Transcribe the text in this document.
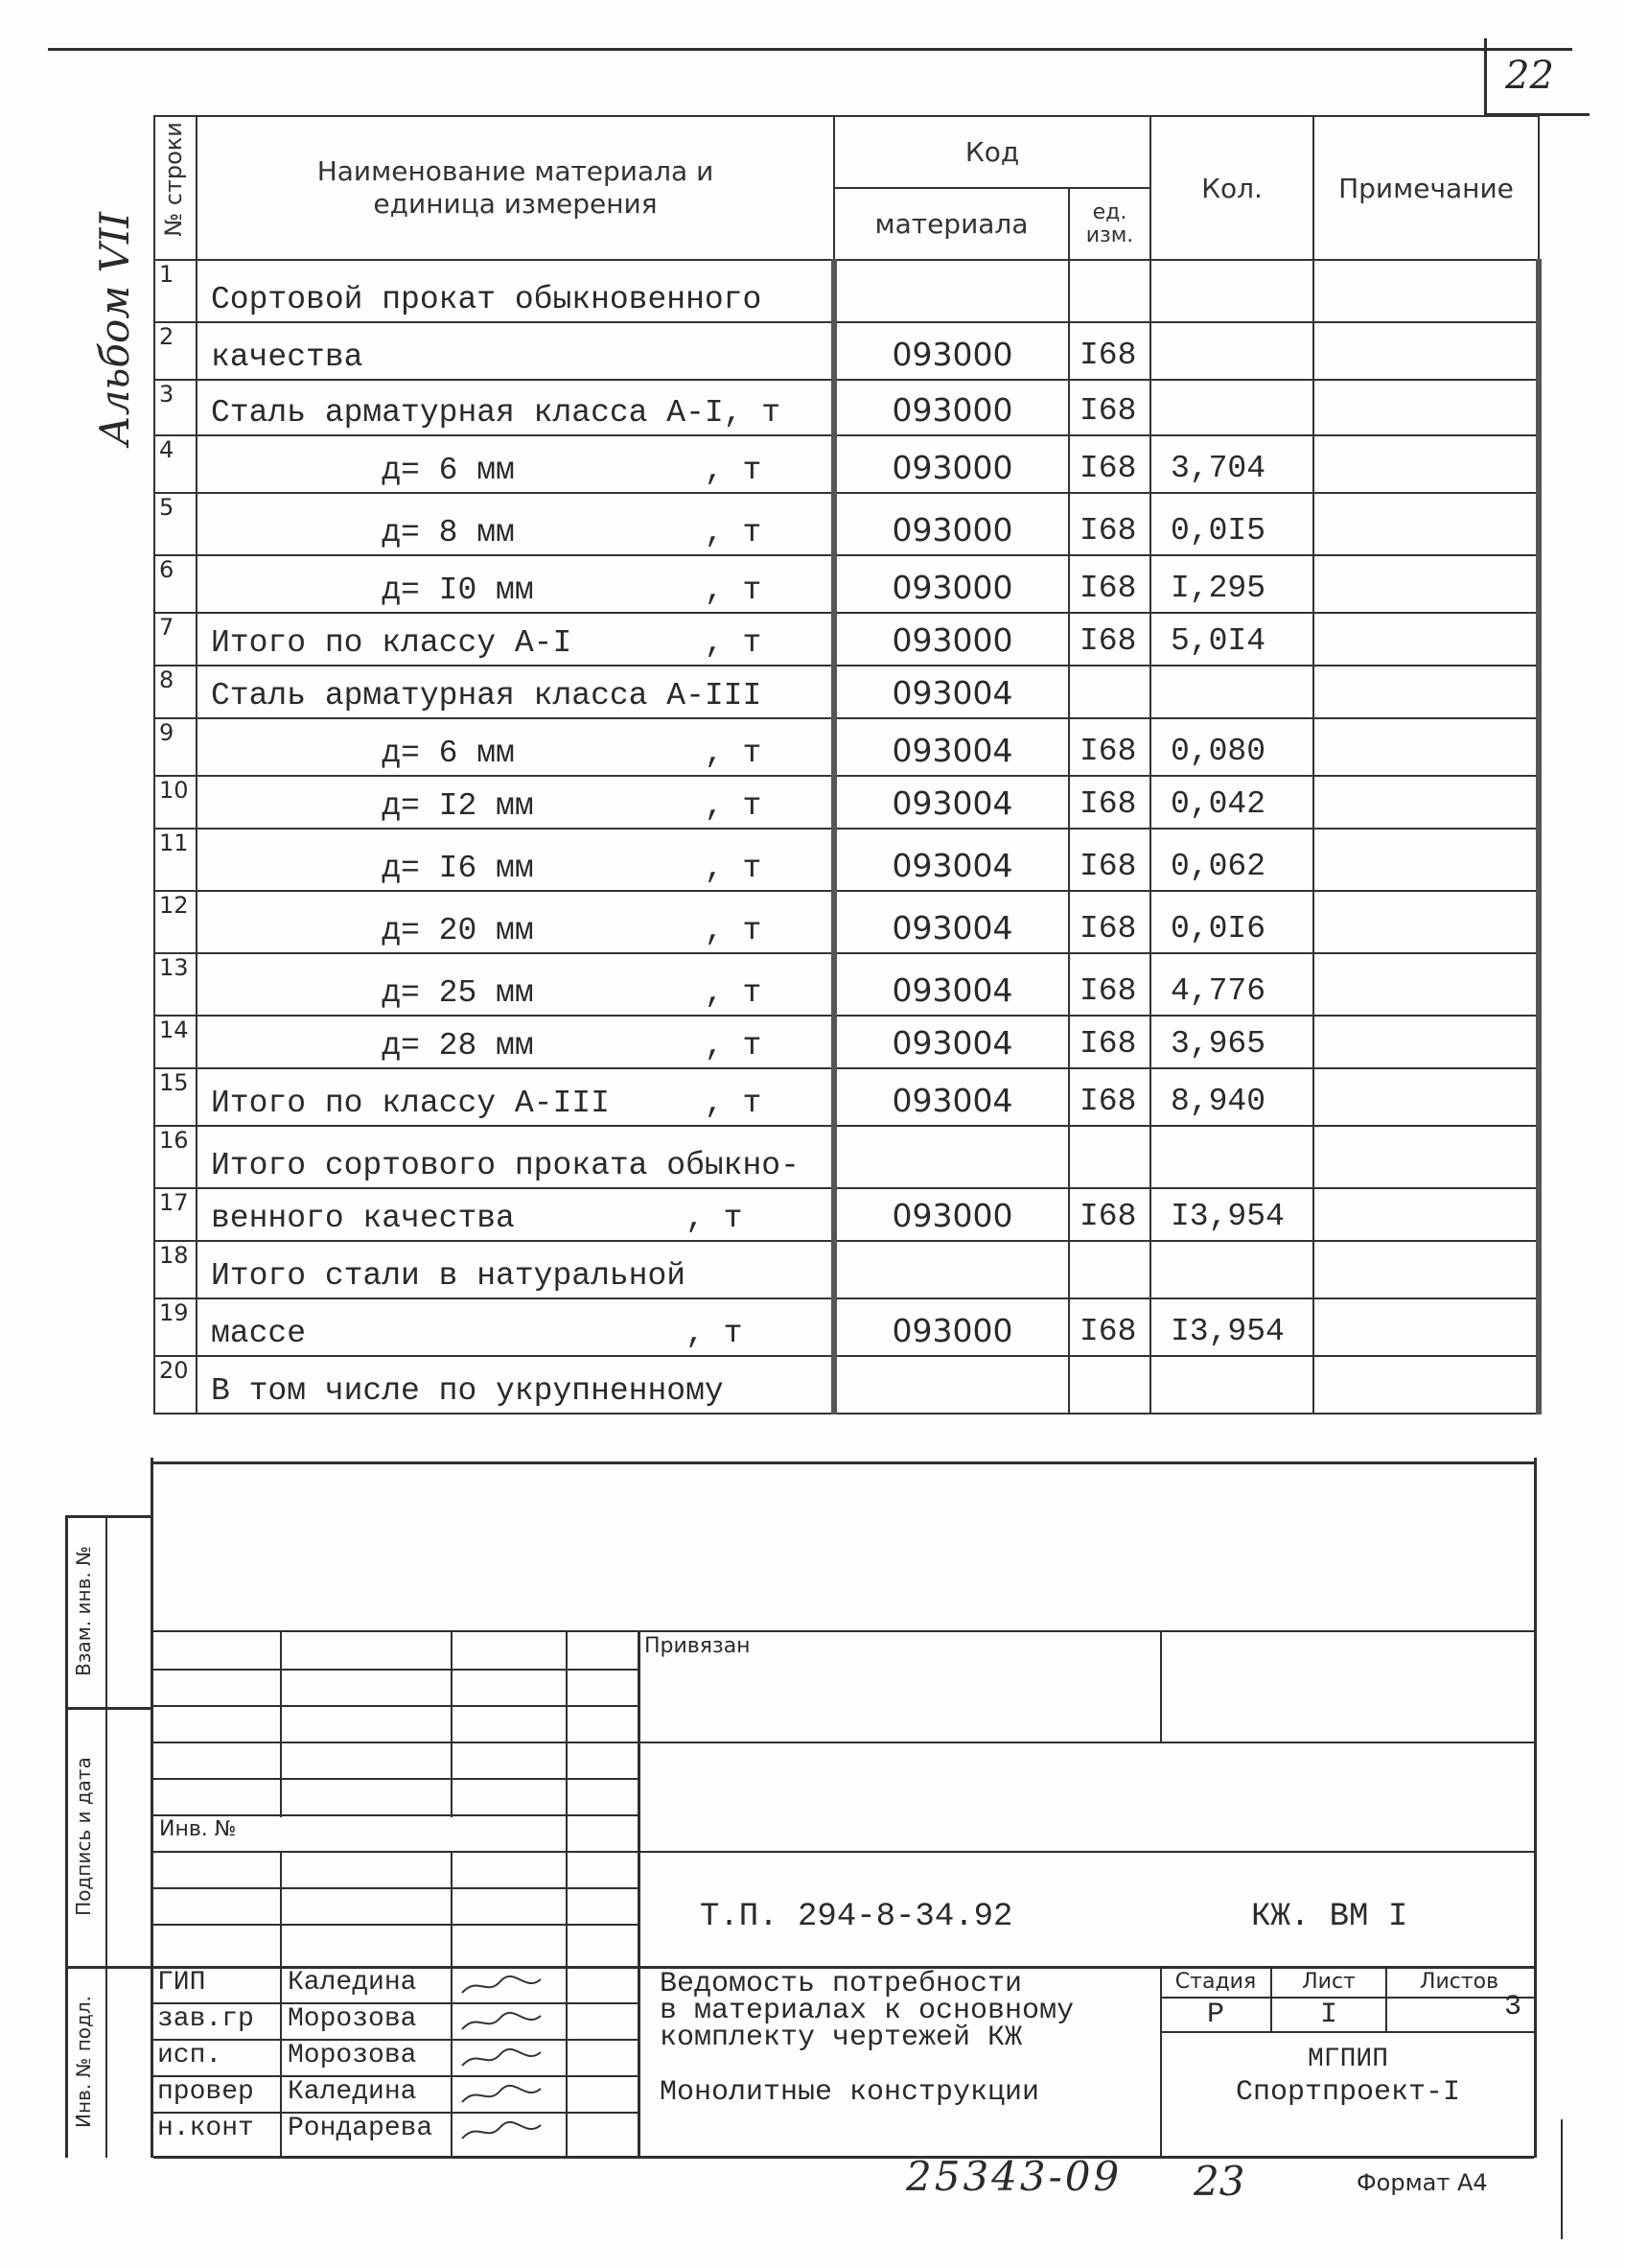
22
Альбом VII
№ строки	Наименование материала и единица измерения	Код		Кол.	Примечание
		материала	ед. изм.		
1	Сортовой прокат обыкновенного				
2	качества	093000	I68		
3	Сталь арматурная класса А-I, т	093000	I68		
4	д= 6 мм          , т	093000	I68	3,704	
5	д= 8 мм          , т	093000	I68	0,0I5	
6	д= I0 мм         , т	093000	I68	I,295	
7	Итого по классу А-I       , т	093000	I68	5,0I4	
8	Сталь арматурная класса А-III	093004			
9	д= 6 мм          , т	093004	I68	0,080	
10	д= I2 мм         , т	093004	I68	0,042	
11	д= I6 мм         , т	093004	I68	0,062	
12	д= 20 мм         , т	093004	I68	0,0I6	
13	д= 25 мм         , т	093004	I68	4,776	
14	д= 28 мм         , т	093004	I68	3,965	
15	Итого по классу А-III     , т	093004	I68	8,940	
16	Итого сортового проката обыкно-				
17	венного качества         , т	093000	I68	I3,954	
18	Итого стали в натуральной				
19	массе                    , т	093000	I68	I3,954	
20	В том числе по укрупненному				
Взам. инв. №
Подпись и дата
Инв. № подл.
Инв. №
Привязан
Т.П. 294-8-34.92	КЖ. ВМ I
Ведомость потребности
в материалах к основному
комплекту чертежей КЖ
Монолитные конструкции
Стадия	Лист	Листов
Р	I	3
МГПИП
Спортпроект-I
ГИП	Каледина
зав.гр Морозова
исп. Морозова
провер Каледина
н.конт Рондарева
25343-09 23	Формат А4
